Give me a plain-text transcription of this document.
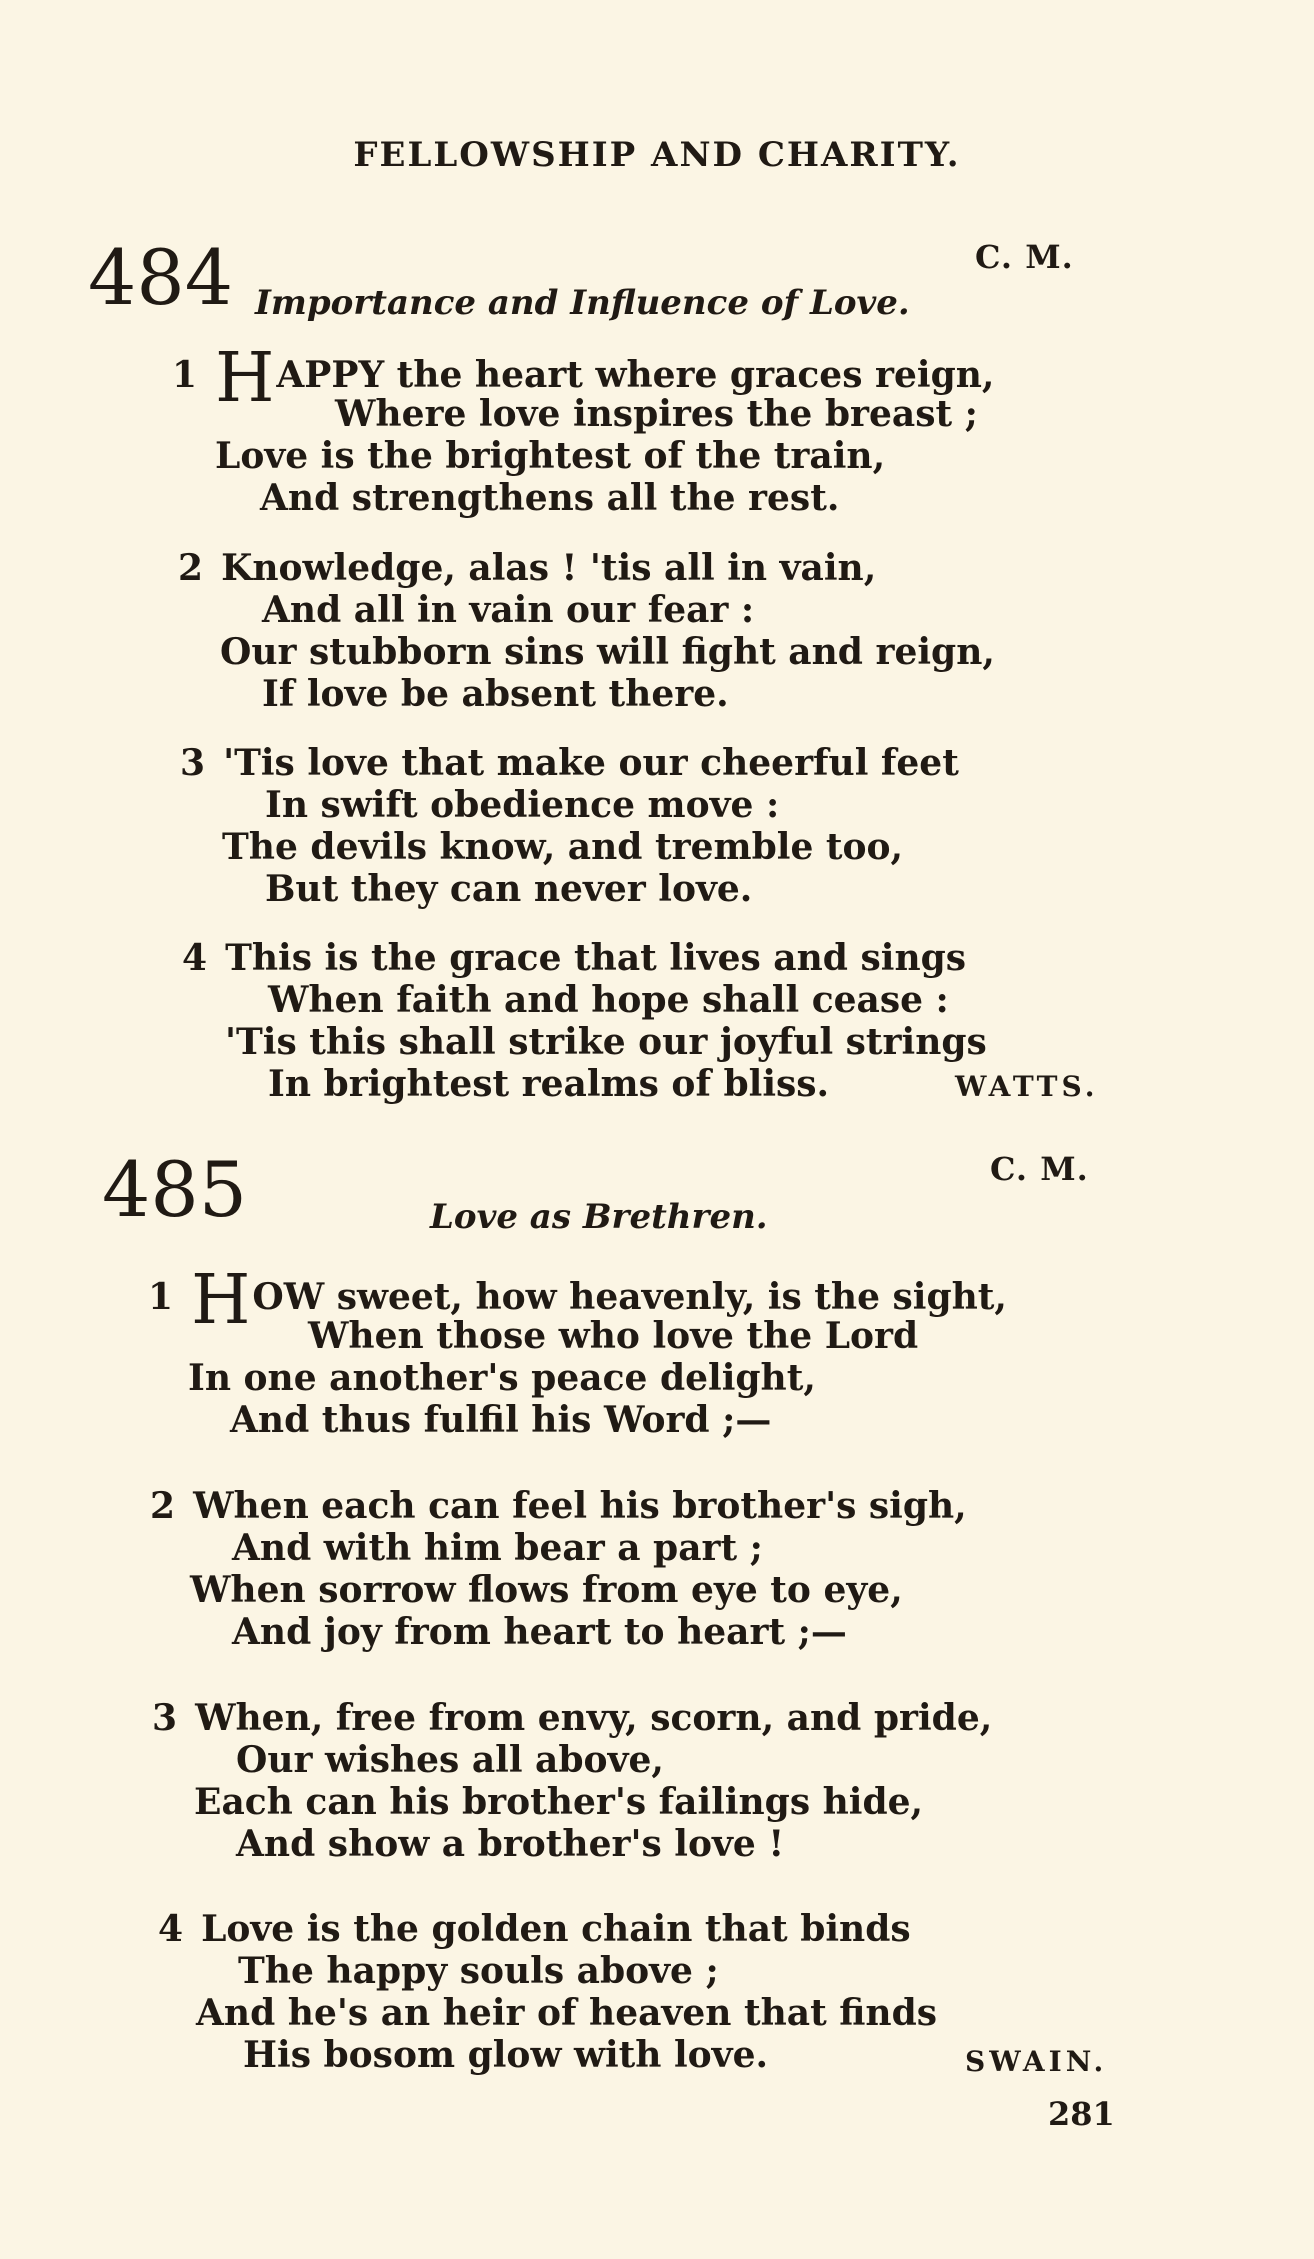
FELLOWSHIP AND CHARITY.
484	C. M.
Importance and Influence of Love.
1 HAPPY the heart where graces reign,
Where love inspires the breast ;
Love is the brightest of the train,
And strengthens all the rest.
2 Knowledge, alas ! 'tis all in vain,
And all in vain our fear :
Our stubborn sins will fight and reign,
If love be absent there.
3 'Tis love that make our cheerful feet
In swift obedience move :
The devils know, and tremble too,
But they can never love.
4 This is the grace that lives and sings
When faith and hope shall cease :
'Tis this shall strike our joyful strings
In brightest realms of bliss.	WATTS.
485	C. M.
Love as Brethren.
1 HOW sweet, how heavenly, is the sight,
When those who love the Lord
In one another's peace delight,
And thus fulfil his Word ;—
2 When each can feel his brother's sigh,
And with him bear a part ;
When sorrow flows from eye to eye,
And joy from heart to heart ;—
3 When, free from envy, scorn, and pride,
Our wishes all above,
Each can his brother's failings hide,
And show a brother's love !
4 Love is the golden chain that binds
The happy souls above ;
And he's an heir of heaven that finds
His bosom glow with love.	SWAIN.
281
